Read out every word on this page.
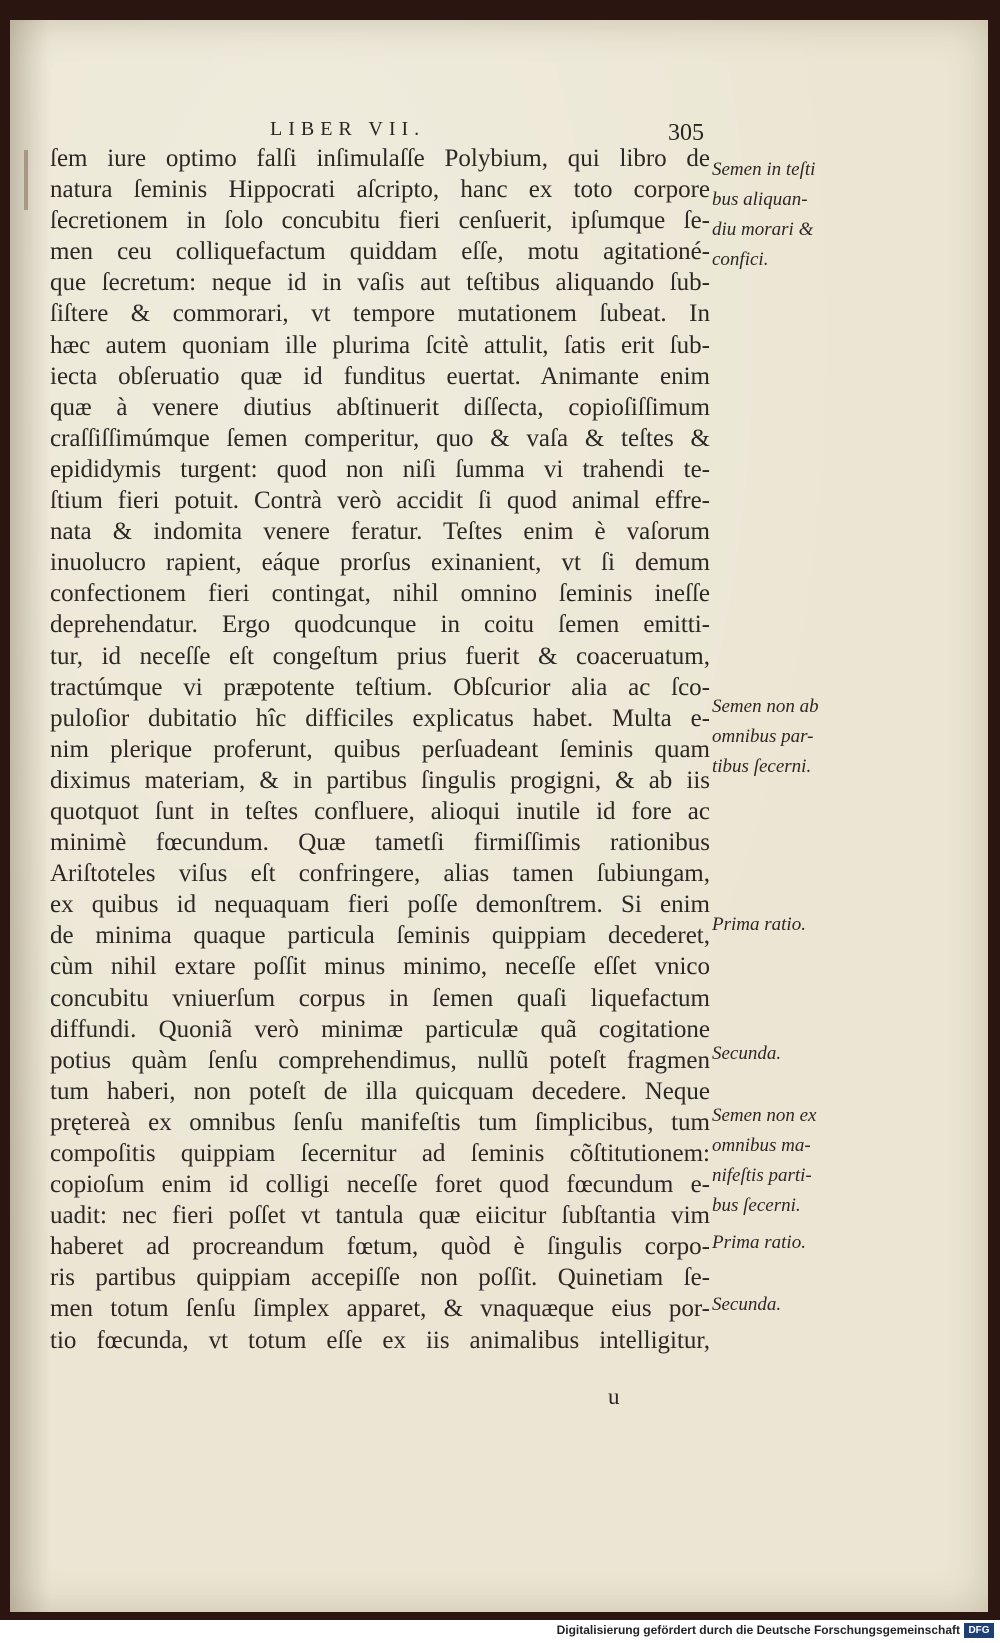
LIBER VII.	305
ſem iure optimo falſi inſimulaſſe Polybium, qui libro de
natura ſeminis Hippocrati aſcripto, hanc ex toto corpore
ſecretionem in ſolo concubitu fieri cenſuerit, ipſumque ſe-
men ceu colliquefactum quiddam eſſe, motu agitationé-
que ſecretum: neque id in vaſis aut teſtibus aliquando ſub-
ſiſtere & commorari, vt tempore mutationem ſubeat. In
hæc autem quoniam ille plurima ſcitè attulit, ſatis erit ſub-
iecta obſeruatio quæ id funditus euertat. Animante enim
quæ à venere diutius abſtinuerit diſſecta, copioſiſſimum
craſſiſſimúmque ſemen comperitur, quo & vaſa & teſtes &
epididymis turgent: quod non niſi ſumma vi trahendi te-
ſtium fieri potuit. Contrà verò accidit ſi quod animal effre-
nata & indomita venere feratur. Teſtes enim è vaſorum
inuolucro rapient, eáque prorſus exinanient, vt ſi demum
confectionem fieri contingat, nihil omnino ſeminis ineſſe
deprehendatur. Ergo quodcunque in coitu ſemen emitti-
tur, id neceſſe eſt congeſtum prius fuerit & coaceruatum,
tractúmque vi præpotente teſtium. Obſcurior alia ac ſco-
puloſior dubitatio hîc difficiles explicatus habet. Multa e-
nim plerique proferunt, quibus perſuadeant ſeminis quam
diximus materiam, & in partibus ſingulis progigni, & ab iis
quotquot ſunt in teſtes confluere, alioqui inutile id fore ac
minimè fœcundum. Quæ tametſi firmiſſimis rationibus
Ariſtoteles viſus eſt confringere, alias tamen ſubiungam,
ex quibus id nequaquam fieri poſſe demonſtrem. Si enim
de minima quaque particula ſeminis quippiam decederet,
cùm nihil extare poſſit minus minimo, neceſſe eſſet vnico
concubitu vniuerſum corpus in ſemen quaſi liquefactum
diffundi. Quoniã verò minimæ particulæ quã cogitatione
potius quàm ſenſu comprehendimus, nullũ poteſt fragmen
tum haberi, non poteſt de illa quicquam decedere. Neque
prętereà ex omnibus ſenſu manifeſtis tum ſimplicibus, tum
compoſitis quippiam ſecernitur ad ſeminis cõſtitutionem:
copioſum enim id colligi neceſſe foret quod fœcundum e-
uadit: nec fieri poſſet vt tantula quæ eiicitur ſubſtantia vim
haberet ad procreandum fœtum, quòd è ſingulis corpo-
ris partibus quippiam accepiſſe non poſſit. Quinetiam ſe-
men totum ſenſu ſimplex apparet, & vnaquæque eius por-
tio fœcunda, vt totum eſſe ex iis animalibus intelligitur,
Semen in teſti
bus aliquan-
diu morari &
confici.
Semen non ab
omnibus par-
tibus ſecerni.
Prima ratio.
Secunda.
Semen non ex
omnibus ma-
nifeſtis parti-
bus ſecerni.
Prima ratio.
Secunda.
u
Digitalisierung gefördert durch die Deutsche Forschungsgemeinschaft DFG
